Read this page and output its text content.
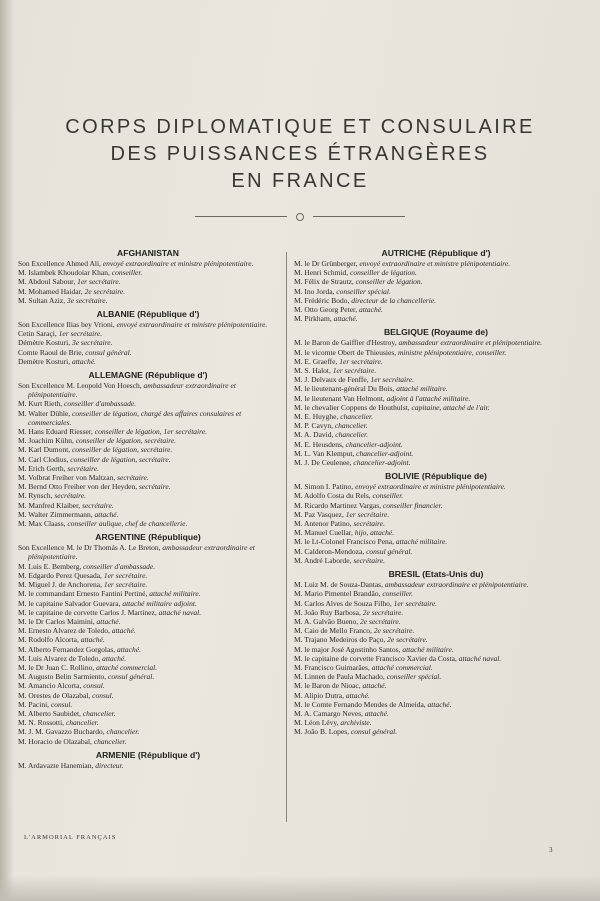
CORPS DIPLOMATIQUE ET CONSULAIRE
DES PUISSANCES ÉTRANGÈRES
EN FRANCE
AFGHANISTAN
Son Excellence Ahmed Ali, envoyé extraordinaire et ministre plénipotentiaire.
M. Islambek Khoudoiar Khan, conseiller.
M. Abdoul Sabour, 1er secrétaire.
M. Mohamed Haidar, 2e secrétaire.
M. Sultan Aziz, 3e secrétaire.
ALBANIE (République d')
Son Excellence Ilias bey Vrioni, envoyé extraordinaire et ministre plénipotentiaire.
Cetin Saraçi, 1er secrétaire.
Démètre Kosturi, 3e secrétaire.
Comte Raoul de Brie, consul général.
Demètre Kosturi, attaché.
ALLEMAGNE (République d')
Son Excellence M. Leopold Von Hoesch, ambassadeur extraordinaire et plénipotentiaire.
M. Kurt Rieth, conseiller d'ambassade.
M. Walter Dühle, conseiller de légation, chargé des affaires consulaires et commerciales.
M. Hans Eduard Riesser, conseiller de légation, 1er secrétaire.
M. Joachim Kühn, conseiller de légation, secrétaire.
M. Karl Dumont, conseiller de légation, secrétaire.
M. Carl Clodius, conseiller de légation, secrétaire.
M. Erich Gerth, secrétaire.
M. Volbrat Freiher von Maltzan, secrétaire.
M. Bernd Otto Freiher von der Heyden, secrétaire.
M. Rynsch, secrétaire.
M. Manfred Klaiber, secrétaire.
M. Walter Zimmermann, attaché.
M. Max Claass, conseiller aulique, chef de chancellerie.
ARGENTINE (République)
Son Excellence M. le Dr Thomás A. Le Breton, ambassadeur extraordinaire et plénipotentiaire.
M. Luis E. Bemberg, conseiller d'ambassade.
M. Edgardo Perez Quesada, 1er secrétaire.
M. Miguel J. de Anchorena, 1er secrétaire.
M. le commandant Ernesto Fantini Pertiné, attaché militaire.
M. le capitaine Salvador Guevara, attaché militaire adjoint.
M. le capitaine de corvette Carlos J. Martinez, attaché naval.
M. le Dr Carlos Maimini, attaché.
M. Ernesto Alvarez de Toledo, attaché.
M. Rodolfo Alcorta, attaché.
M. Alberto Fernandez Gorgolas, attaché.
M. Luis Alvarez de Toledo, attaché.
M. le Dr Juan C. Rollino, attaché commercial.
M. Augusto Belin Sarmiento, consul général.
M. Amancio Alcorta, consul.
M. Orestes de Olazabal, consul.
M. Pacini, consul.
M. Alberto Saubidet, chancelier.
M. N. Rossotti, chancelier.
M. J. M. Gavazzo Buchardo, chancelier.
M. Horacio de Olazabal, chancelier.
ARMENIE (République d')
M. Ardavazte Hanemian, directeur.
AUTRICHE (République d')
M. le Dr Grünberger, envoyé extraordinaire et ministre plénipotentiaire.
M. Henri Schmid, conseiller de légation.
M. Félix de Strautz, conseiller de légation.
M. Ino Jorda, conseiller spécial.
M. Frédéric Bodo, directeur de la chancellerie.
M. Otto Georg Peter, attaché.
M. Pirkham, attaché.
BELGIQUE (Royaume de)
M. le Baron de Gaiffier d'Hestroy, ambassadeur extraordinaire et plénipotentiaire.
M. le vicomte Obert de Thieusies, ministre plénipotentiaire, conseiller.
M. E. Graeffe, 1er secrétaire.
M. S. Halot, 1er secrétaire.
M. J. Delvaux de Fenffe, 1er secrétaire.
M. le lieutenant-général Du Bois, attaché militaire.
M. le lieutenant Van Helmont, adjoint à l'attaché militaire.
M. le chevalier Coppens de Houthulst, capitaine, attaché de l'air.
M. E. Huyghe, chancelier.
M. P. Cavyn, chancelier.
M. A. David, chancelier.
M. E. Heusdens, chancelier-adjoint.
M. L. Van Klemput, chancelier-adjoint.
M. J. De Ceulenee, chancelier-adjoint.
BOLIVIE (République de)
M. Simon I. Patino, envoyé extraordinaire et ministre plénipotentiaire.
M. Adolfo Costa du Rels, conseiller.
M. Ricardo Martinez Vargas, conseiller financier.
M. Paz Vasquez, 1er secrétaire.
M. Antenor Patino, secrétaire.
M. Manuel Cuellar, hijo, attaché.
M. le Lt-Colonel Francisco Pena, attaché militaire.
M. Calderon-Mendoza, consul général.
M. André Laborde, secrétaire.
BRESIL (Etats-Unis du)
M. Luiz M. de Souza-Dantas, ambassadeur extraordinaire et plénipotentiaire.
M. Mario Pimentel Brandão, conseiller.
M. Carlos Alves de Souza Filho, 1er secrétaire.
M. João Ruy Barbosa, 2e secrétaire.
M. A. Galvão Bueno, 2e secrétaire.
M. Caio de Mello Franco, 2e secrétaire.
M. Trajano Medeiros do Paço, 2e secrétaire.
M. le major José Agostinho Santos, attaché militaire.
M. le capitaine de corvette Francisco Xavier da Costa, attaché naval.
M. Francisco Guimarães, attaché commercial.
M. Linnen de Paula Machado, conseiller spécial.
M. le Baron de Nioac, attaché.
M. Alipio Dutra, attaché.
M. le Comte Fernando Mendes de Almeida, attaché.
M. A. Camargo Neves, attaché.
M. Léon Lévy, archiviste.
M. João B. Lopes, consul général.
L'ARMORIAL FRANÇAIS
3
